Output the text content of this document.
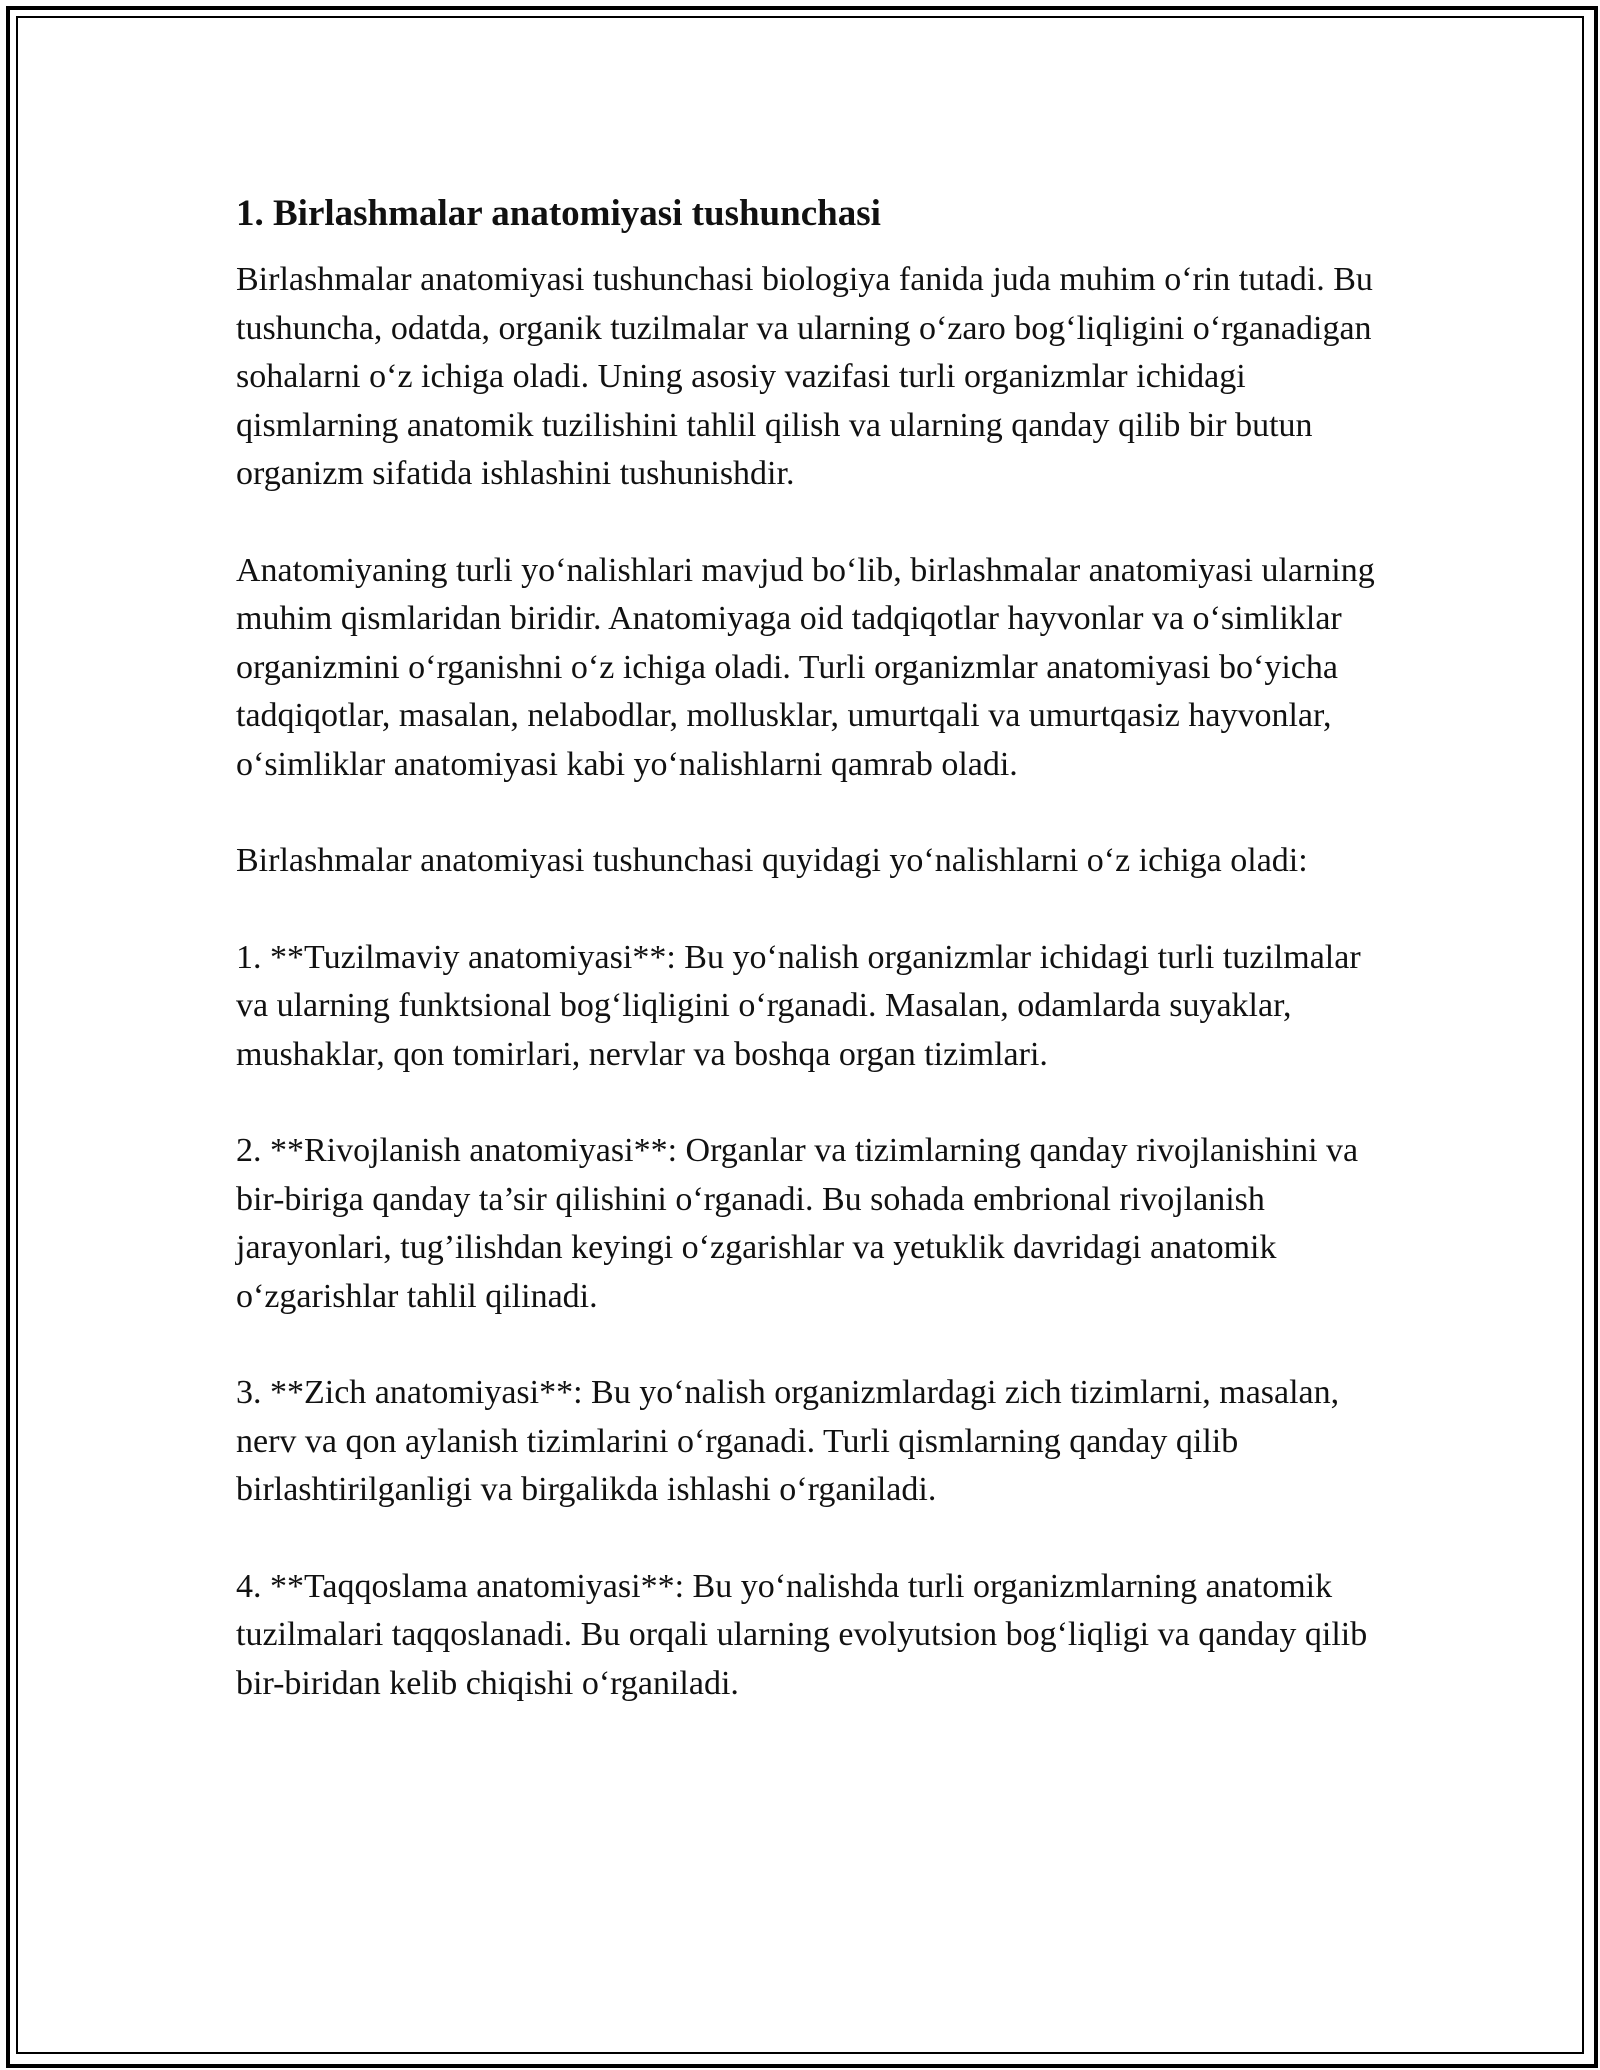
1. Birlashmalar anatomiyasi tushunchasi

Birlashmalar anatomiyasi tushunchasi biologiya fanida juda muhim o‘rin tutadi. Bu tushuncha, odatda, organik tuzilmalar va ularning o‘zaro bog‘liqligini o‘rganadigan sohalarni o‘z ichiga oladi. Uning asosiy vazifasi turli organizmlar ichidagi qismlarning anatomik tuzilishini tahlil qilish va ularning qanday qilib bir butun organizm sifatida ishlashini tushunishdir.

Anatomiyaning turli yo‘nalishlari mavjud bo‘lib, birlashmalar anatomiyasi ularning muhim qismlaridan biridir. Anatomiyaga oid tadqiqotlar hayvonlar va o‘simliklar organizmini o‘rganishni o‘z ichiga oladi. Turli organizmlar anatomiyasi bo‘yicha tadqiqotlar, masalan, nelabodlar, mollusklar, umurtqali va umurtqasiz hayvonlar, o‘simliklar anatomiyasi kabi yo‘nalishlarni qamrab oladi.

Birlashmalar anatomiyasi tushunchasi quyidagi yo‘nalishlarni o‘z ichiga oladi:

1. **Tuzilmaviy anatomiyasi**: Bu yo‘nalish organizmlar ichidagi turli tuzilmalar va ularning funktsional bog‘liqligini o‘rganadi. Masalan, odamlarda suyaklar, mushaklar, qon tomirlari, nervlar va boshqa organ tizimlari.

2. **Rivojlanish anatomiyasi**: Organlar va tizimlarning qanday rivojlanishini va bir-biriga qanday ta’sir qilishini o‘rganadi. Bu sohada embrional rivojlanish jarayonlari, tug’ilishdan keyingi o‘zgarishlar va yetuklik davridagi anatomik o‘zgarishlar tahlil qilinadi.

3. **Zich anatomiyasi**: Bu yo‘nalish organizmlardagi zich tizimlarni, masalan, nerv va qon aylanish tizimlarini o‘rganadi. Turli qismlarning qanday qilib birlashtirilganligi va birgalikda ishlashi o‘rganiladi.

4. **Taqqoslama anatomiyasi**: Bu yo‘nalishda turli organizmlarning anatomik tuzilmalari taqqoslanadi. Bu orqali ularning evolyutsion bog‘liqligi va qanday qilib bir-biridan kelib chiqishi o‘rganiladi.
